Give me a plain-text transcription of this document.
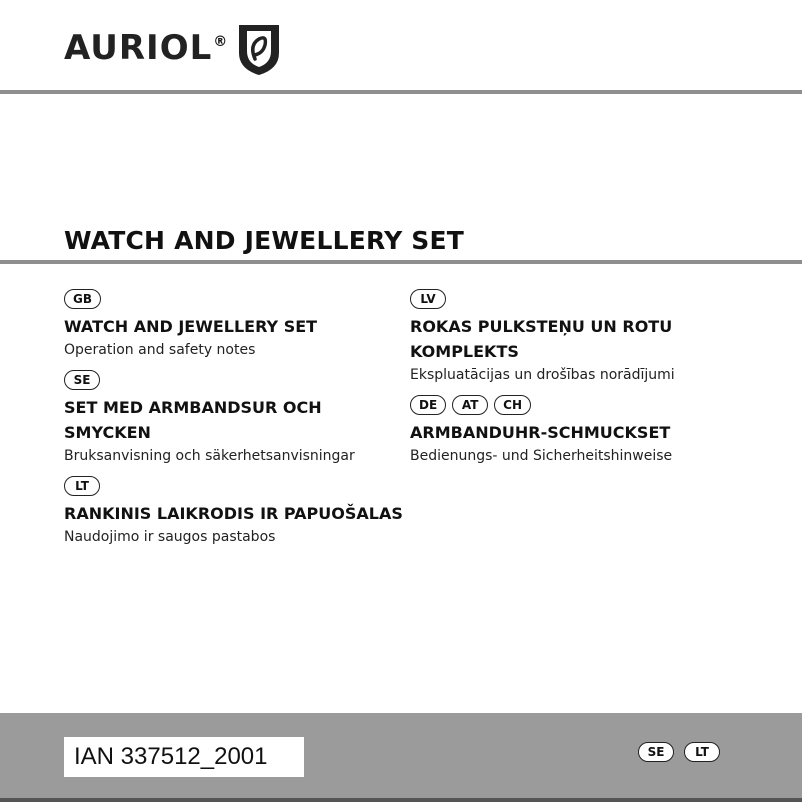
AURIOL ®
WATCH AND JEWELLERY SET
GB
WATCH AND JEWELLERY SET
Operation and safety notes
SE
SET MED ARMBANDSUR OCH SMYCKEN
Bruksanvisning och säkerhetsanvisningar
LT
RANKINIS LAIKRODIS IR PAPUOŠALAS
Naudojimo ir saugos pastabos
LV
ROKAS PULKSTEŅU UN ROTU KOMPLEKTS
Ekspluatācijas un drošības norādījumi
DE	AT	CH
ARMBANDUHR-SCHMUCKSET
Bedienungs- und Sicherheitshinweise
IAN 337512_2001	SE	LT
